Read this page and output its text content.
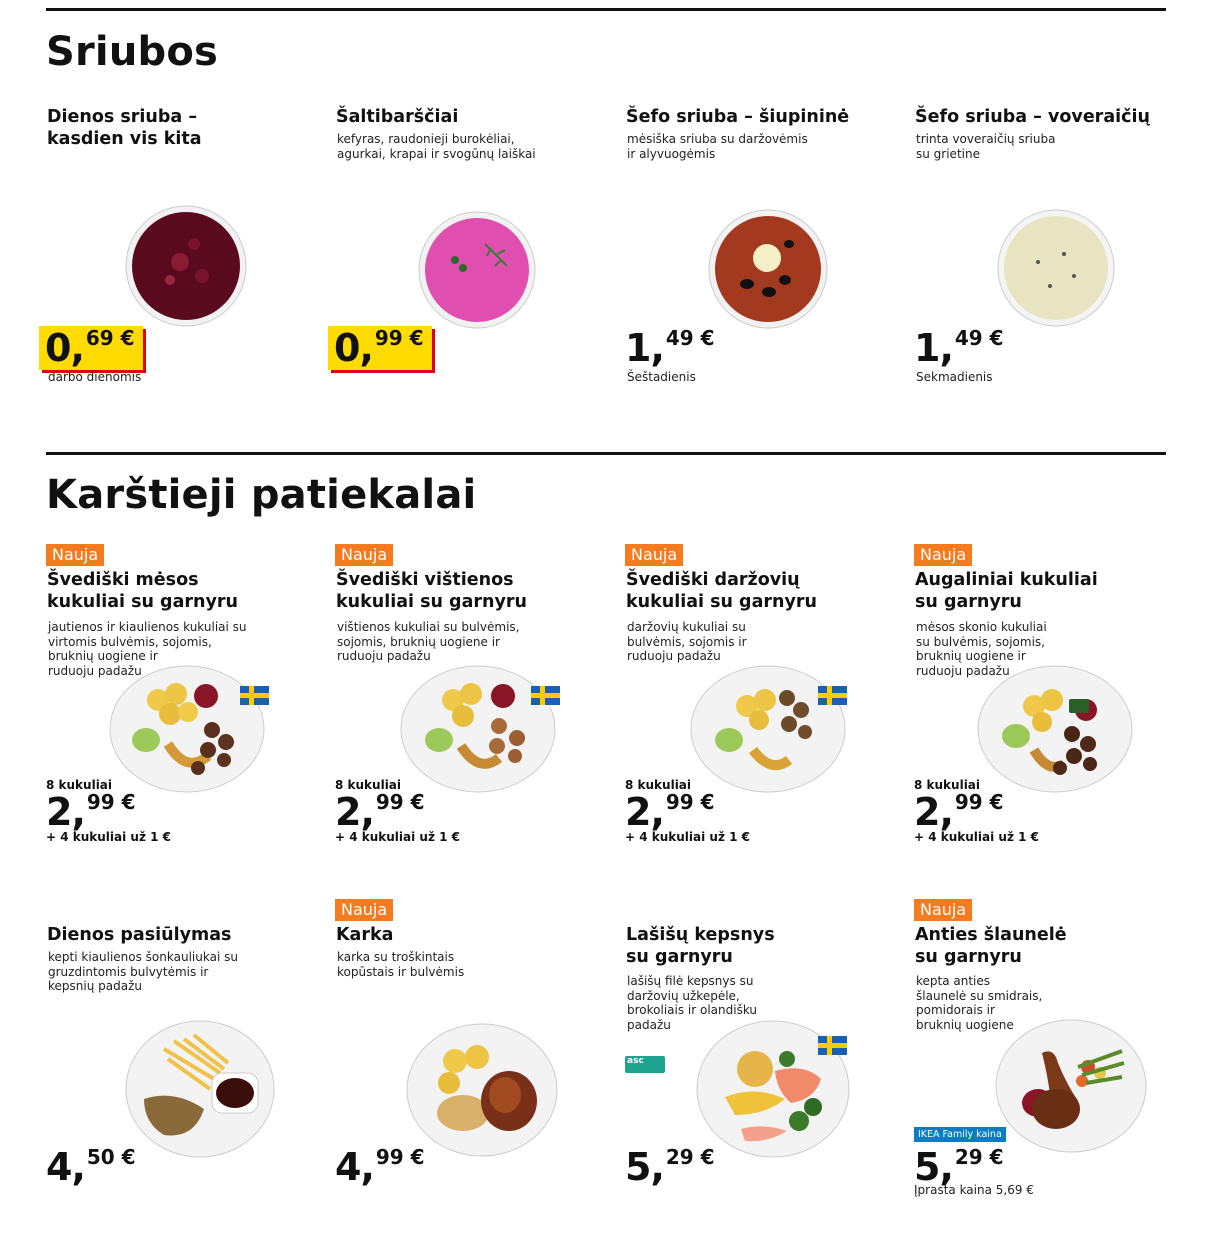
Sriubos
Dienos sriuba –
kasdien vis kita
0, 69 €
darbo dienomis
Šaltibarščiai
kefyras, raudonieji burokėliai,
agurkai, krapai ir svogūnų laiškai
0, 99 €
Šefo sriuba – šiupininė
mėsiška sriuba su daržovėmis
ir alyvuogėmis
1, 49 €
Šeštadienis
Šefo sriuba – voveraičių
trinta voveraičių sriuba
su grietine
1, 49 €
Sekmadienis
Karštieji patiekalai
Nauja
Švediški mėsos
kukuliai su garnyru
jautienos ir kiaulienos kukuliai su
virtomis bulvėmis, sojomis,
bruknių uogiene ir
ruduoju padažu
8 kukuliai
2, 99 €
+ 4 kukuliai už 1 €
Nauja
Švediški vištienos
kukuliai su garnyru
vištienos kukuliai su bulvėmis,
sojomis, bruknių uogiene ir
ruduoju padažu
8 kukuliai
2, 99 €
+ 4 kukuliai už 1 €
Nauja
Švediški daržovių
kukuliai su garnyru
daržovių kukuliai su
bulvėmis, sojomis ir
ruduoju padažu
8 kukuliai
2, 99 €
+ 4 kukuliai už 1 €
Nauja
Augaliniai kukuliai
su garnyru
mėsos skonio kukuliai
su bulvėmis, sojomis,
bruknių uogiene ir
ruduoju padažu
8 kukuliai
2, 99 €
+ 4 kukuliai už 1 €
Dienos pasiūlymas
kepti kiaulienos šonkauliukai su
gruzdintomis bulvytėmis ir
kepsnių padažu
4, 50 €
Nauja
Karka
karka su troškintais
kopūstais ir bulvėmis
4, 99 €
Lašišų kepsnys
su garnyru
lašišų filė kepsnys su
daržovių užkepėle,
brokoliais ir olandišku
padažu
asc
5, 29 €
Nauja
Anties šlaunelė
su garnyru
kepta anties
šlaunelė su smidrais,
pomidorais ir
bruknių uogiene
IKEA Family kaina
5, 29 €
Įprasta kaina 5,69 €
